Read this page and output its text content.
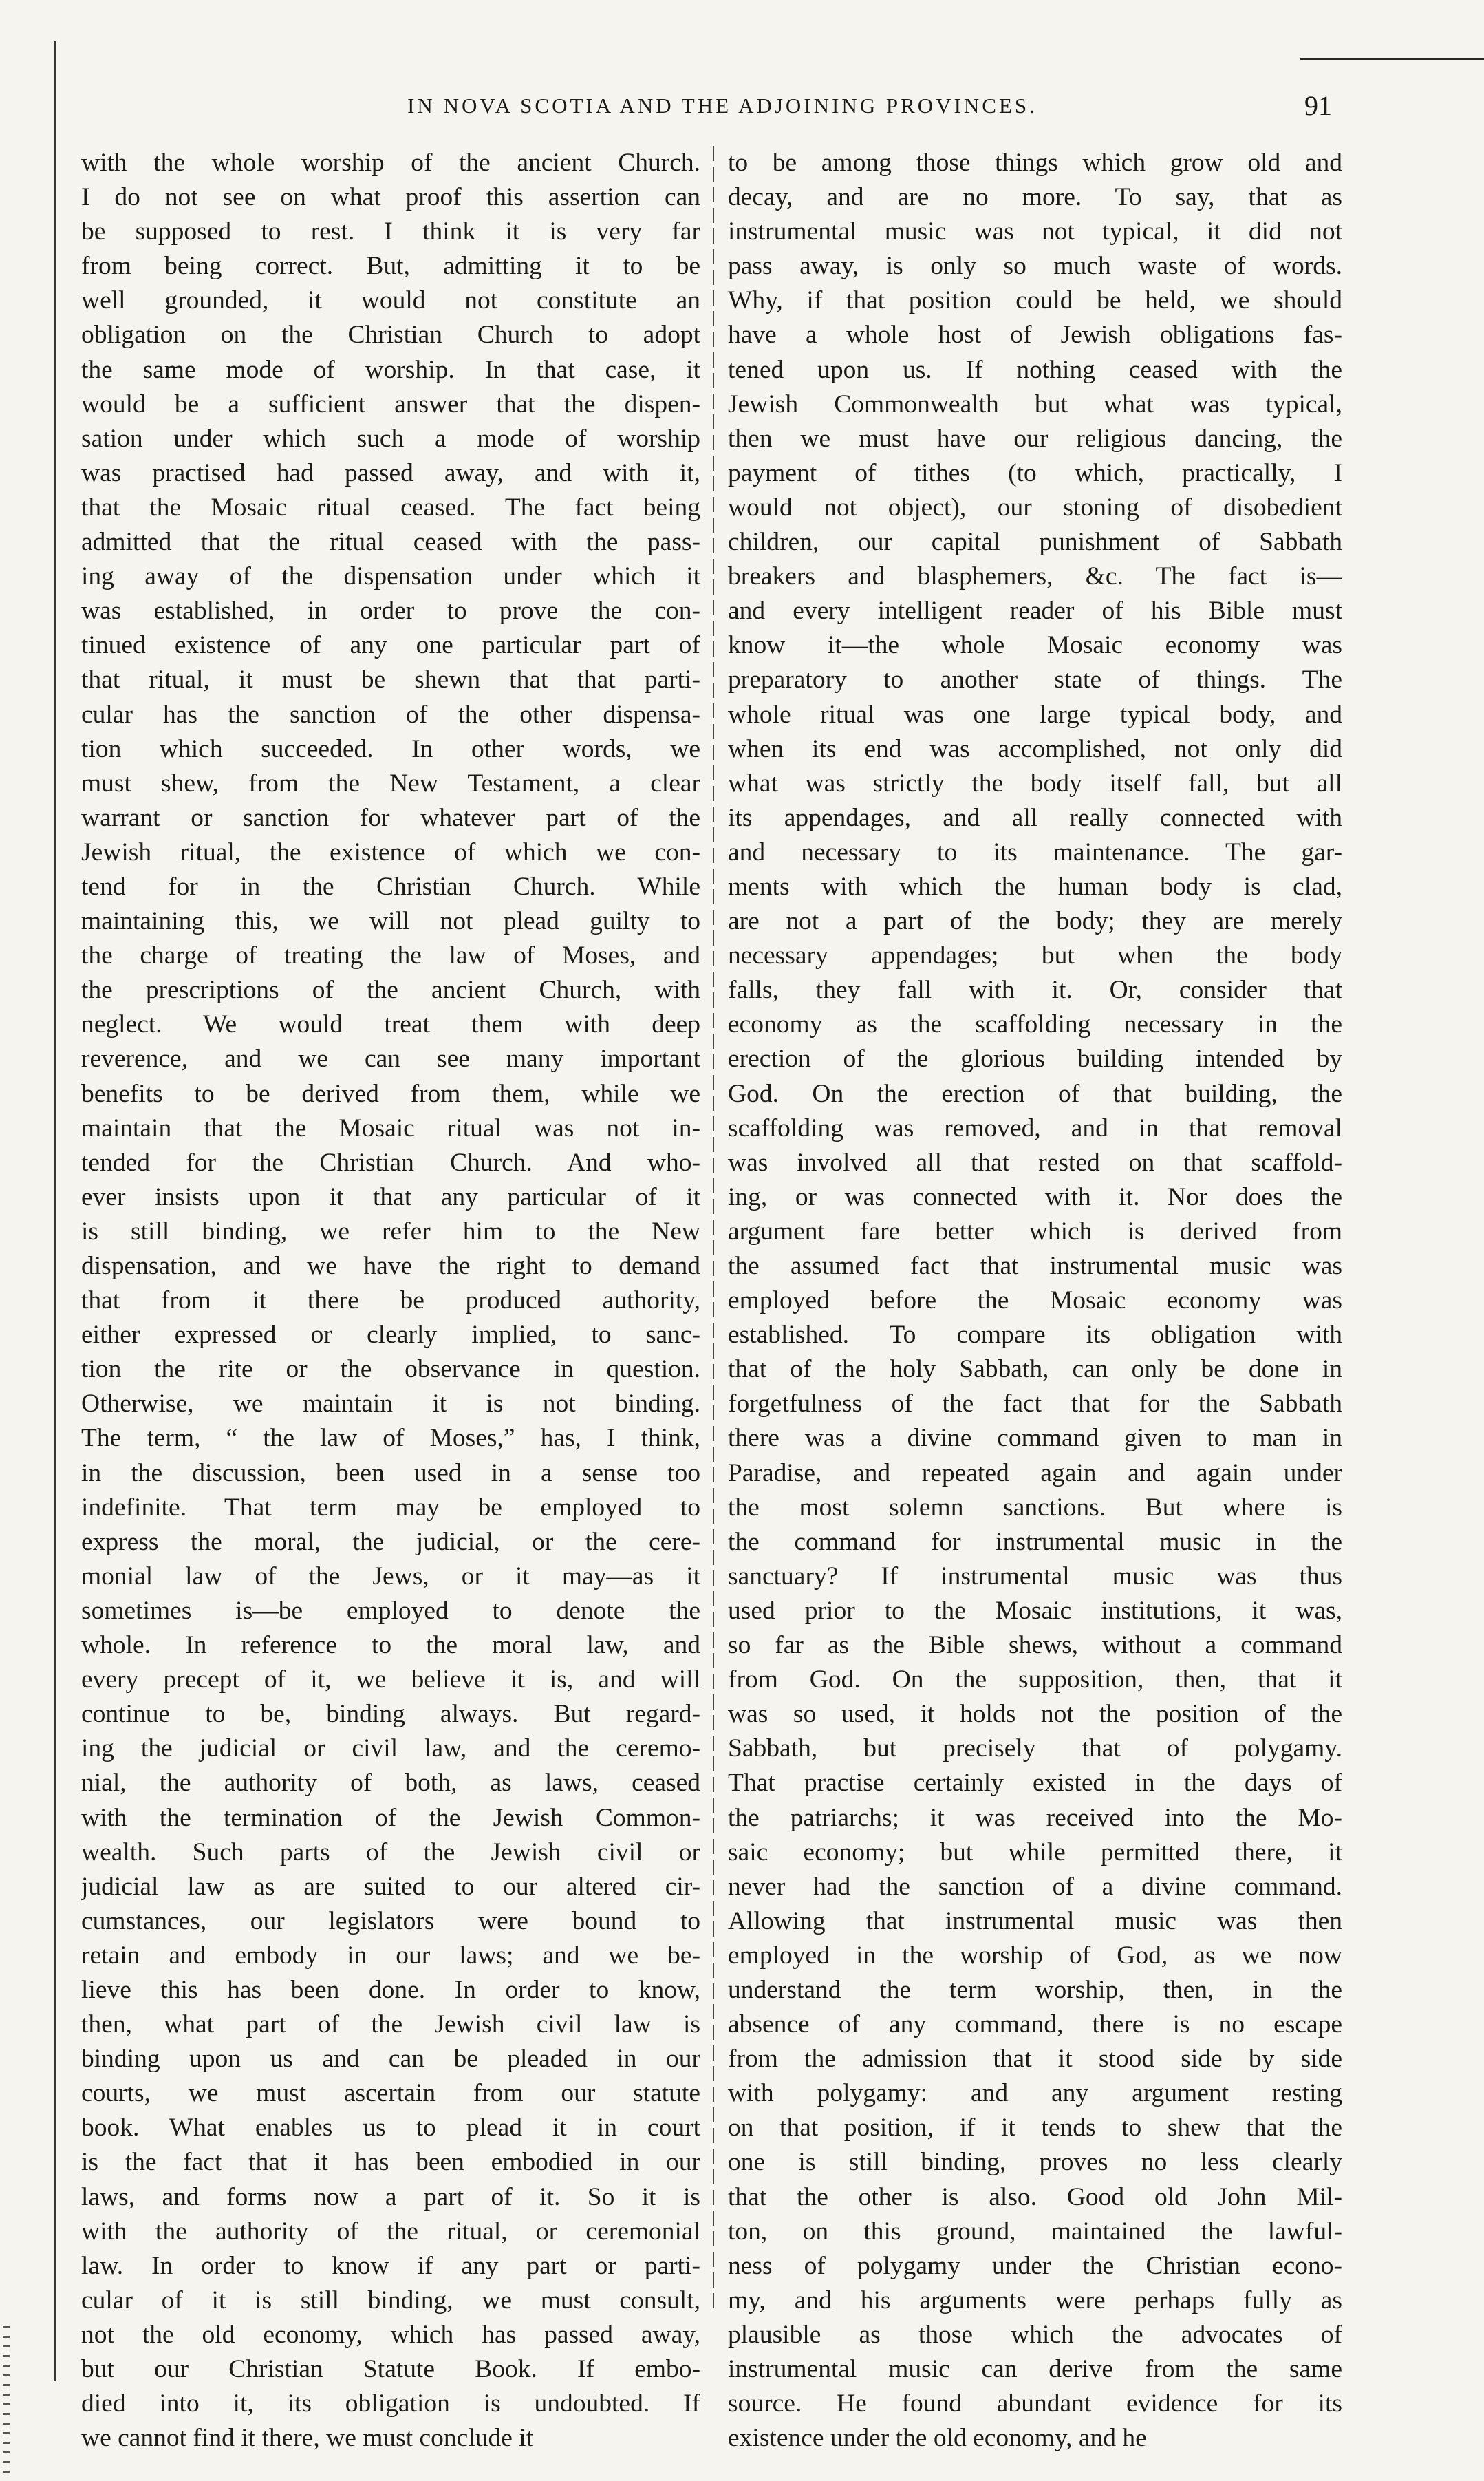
IN NOVA SCOTIA AND THE ADJOINING PROVINCES.	91
with the whole worship of the ancient Church.
I do not see on what proof this assertion can
be supposed to rest. I think it is very far
from being correct. But, admitting it to be
well grounded, it would not constitute an
obligation on the Christian Church to adopt
the same mode of worship. In that case, it
would be a sufficient answer that the dispen-
sation under which such a mode of worship
was practised had passed away, and with it,
that the Mosaic ritual ceased. The fact being
admitted that the ritual ceased with the pass-
ing away of the dispensation under which it
was established, in order to prove the con-
tinued existence of any one particular part of
that ritual, it must be shewn that that parti-
cular has the sanction of the other dispensa-
tion which succeeded. In other words, we
must shew, from the New Testament, a clear
warrant or sanction for whatever part of the
Jewish ritual, the existence of which we con-
tend for in the Christian Church. While
maintaining this, we will not plead guilty to
the charge of treating the law of Moses, and
the prescriptions of the ancient Church, with
neglect. We would treat them with deep
reverence, and we can see many important
benefits to be derived from them, while we
maintain that the Mosaic ritual was not in-
tended for the Christian Church. And who-
ever insists upon it that any particular of it
is still binding, we refer him to the New
dispensation, and we have the right to demand
that from it there be produced authority,
either expressed or clearly implied, to sanc-
tion the rite or the observance in question.
Otherwise, we maintain it is not binding.
The term, “ the law of Moses,” has, I think,
in the discussion, been used in a sense too
indefinite. That term may be employed to
express the moral, the judicial, or the cere-
monial law of the Jews, or it may—as it
sometimes is—be employed to denote the
whole. In reference to the moral law, and
every precept of it, we believe it is, and will
continue to be, binding always. But regard-
ing the judicial or civil law, and the ceremo-
nial, the authority of both, as laws, ceased
with the termination of the Jewish Common-
wealth. Such parts of the Jewish civil or
judicial law as are suited to our altered cir-
cumstances, our legislators were bound to
retain and embody in our laws; and we be-
lieve this has been done. In order to know,
then, what part of the Jewish civil law is
binding upon us and can be pleaded in our
courts, we must ascertain from our statute
book. What enables us to plead it in court
is the fact that it has been embodied in our
laws, and forms now a part of it. So it is
with the authority of the ritual, or ceremonial
law. In order to know if any part or parti-
cular of it is still binding, we must consult,
not the old economy, which has passed away,
but our Christian Statute Book. If embo-
died into it, its obligation is undoubted. If
we cannot find it there, we must conclude it
to be among those things which grow old and
decay, and are no more. To say, that as
instrumental music was not typical, it did not
pass away, is only so much waste of words.
Why, if that position could be held, we should
have a whole host of Jewish obligations fas-
tened upon us. If nothing ceased with the
Jewish Commonwealth but what was typical,
then we must have our religious dancing, the
payment of tithes (to which, practically, I
would not object), our stoning of disobedient
children, our capital punishment of Sabbath
breakers and blasphemers, &c. The fact is—
and every intelligent reader of his Bible must
know it—the whole Mosaic economy was
preparatory to another state of things. The
whole ritual was one large typical body, and
when its end was accomplished, not only did
what was strictly the body itself fall, but all
its appendages, and all really connected with
and necessary to its maintenance. The gar-
ments with which the human body is clad,
are not a part of the body; they are merely
necessary appendages; but when the body
falls, they fall with it. Or, consider that
economy as the scaffolding necessary in the
erection of the glorious building intended by
God. On the erection of that building, the
scaffolding was removed, and in that removal
was involved all that rested on that scaffold-
ing, or was connected with it. Nor does the
argument fare better which is derived from
the assumed fact that instrumental music was
employed before the Mosaic economy was
established. To compare its obligation with
that of the holy Sabbath, can only be done in
forgetfulness of the fact that for the Sabbath
there was a divine command given to man in
Paradise, and repeated again and again under
the most solemn sanctions. But where is
the command for instrumental music in the
sanctuary? If instrumental music was thus
used prior to the Mosaic institutions, it was,
so far as the Bible shews, without a command
from God. On the supposition, then, that it
was so used, it holds not the position of the
Sabbath, but precisely that of polygamy.
That practise certainly existed in the days of
the patriarchs; it was received into the Mo-
saic economy; but while permitted there, it
never had the sanction of a divine command.
Allowing that instrumental music was then
employed in the worship of God, as we now
understand the term worship, then, in the
absence of any command, there is no escape
from the admission that it stood side by side
with polygamy: and any argument resting
on that position, if it tends to shew that the
one is still binding, proves no less clearly
that the other is also. Good old John Mil-
ton, on this ground, maintained the lawful-
ness of polygamy under the Christian econo-
my, and his arguments were perhaps fully as
plausible as those which the advocates of
instrumental music can derive from the same
source. He found abundant evidence for its
existence under the old economy, and he
